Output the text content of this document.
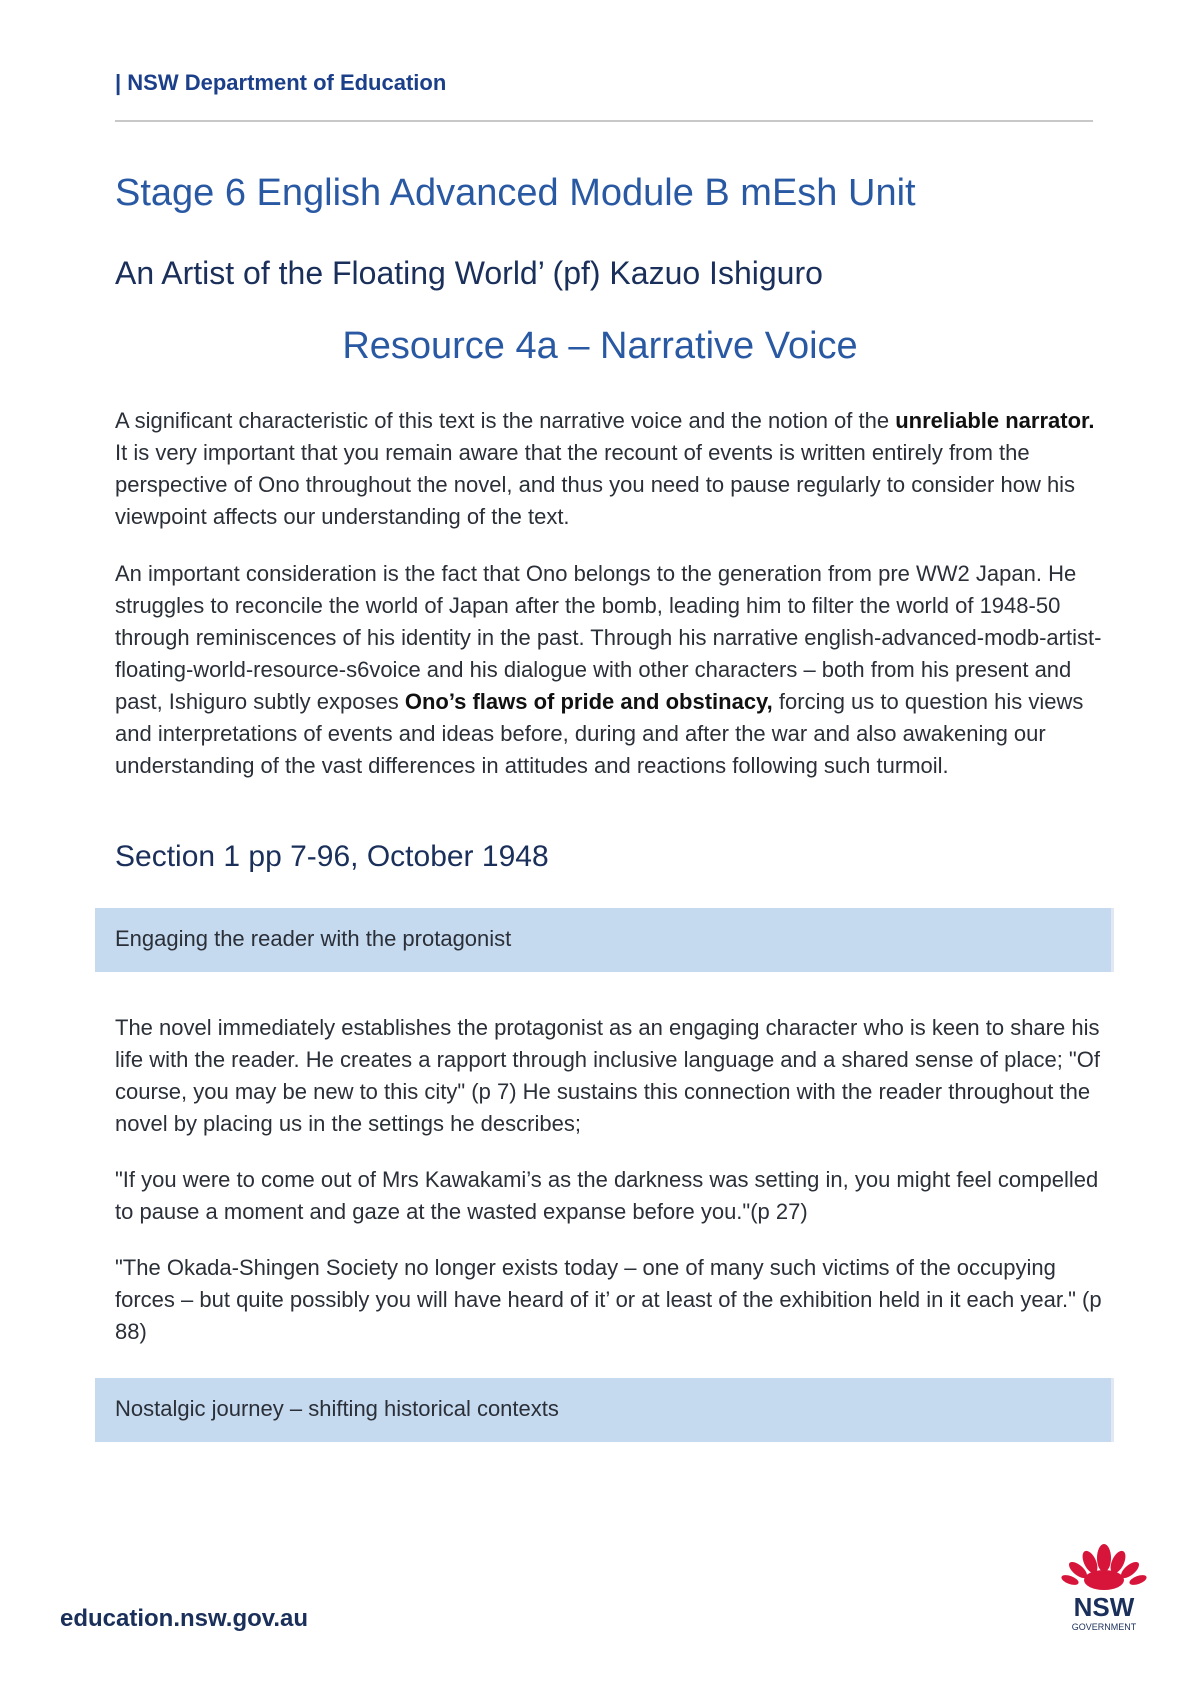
| NSW Department of Education
Stage 6 English Advanced Module B mEsh Unit
An Artist of the Floating World’ (pf) Kazuo Ishiguro
Resource 4a – Narrative Voice

A significant characteristic of this text is the narrative voice and the notion of the unreliable narrator. It is very important that you remain aware that the recount of events is written entirely from the perspective of Ono throughout the novel, and thus you need to pause regularly to consider how his viewpoint affects our understanding of the text.

An important consideration is the fact that Ono belongs to the generation from pre WW2 Japan. He struggles to reconcile the world of Japan after the bomb, leading him to filter the world of 1948-50 through reminiscences of his identity in the past. Through his narrative english-advanced-modb-artist-floating-world-resource-s6voice and his dialogue with other characters – both from his present and past, Ishiguro subtly exposes Ono’s flaws of pride and obstinacy, forcing us to question his views and interpretations of events and ideas before, during and after the war and also awakening our understanding of the vast differences in attitudes and reactions following such turmoil.

Section 1 pp 7-96, October 1948
Engaging the reader with the protagonist

The novel immediately establishes the protagonist as an engaging character who is keen to share his life with the reader. He creates a rapport through inclusive language and a shared sense of place; "Of course, you may be new to this city" (p 7) He sustains this connection with the reader throughout the novel by placing us in the settings he describes;

"If you were to come out of Mrs Kawakami’s as the darkness was setting in, you might feel compelled to pause a moment and gaze at the wasted expanse before you."(p 27)

"The Okada-Shingen Society no longer exists today – one of many such victims of the occupying forces – but quite possibly you will have heard of it’ or at least of the exhibition held in it each year." (p 88)

Nostalgic journey – shifting historical contexts
education.nsw.gov.au	NSW
GOVERNMENT
